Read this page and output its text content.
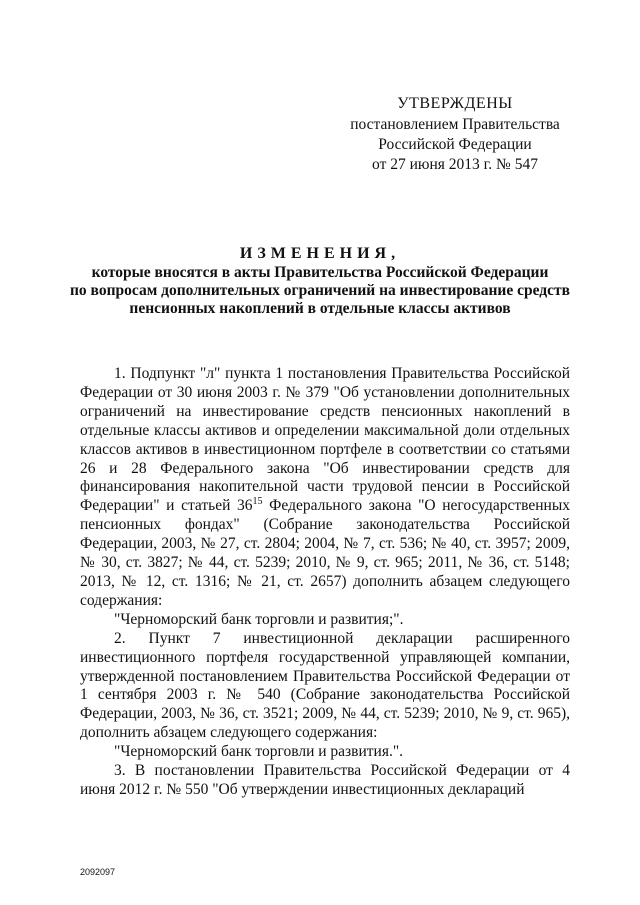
УТВЕРЖДЕНЫ
постановлением Правительства
Российской Федерации
от 27 июня 2013 г. № 547
ИЗМЕНЕНИЯ,
которые вносятся в акты Правительства Российской Федерации
по вопросам дополнительных ограничений на инвестирование средств
пенсионных накоплений в отдельные классы активов

1. Подпункт "л" пункта 1 постановления Правительства Российской Федерации от 30 июня 2003 г. № 379 "Об установлении дополнительных ограничений на инвестирование средств пенсионных накоплений в отдельные классы активов и определении максимальной доли отдельных классов активов в инвестиционном портфеле в соответствии со статьями 26 и 28 Федерального закона "Об инвестировании средств для финансирования накопительной части трудовой пенсии в Российской Федерации" и статьей $36^{15}$ Федерального закона "О негосударственных пенсионных фондах" (Собрание законодательства Российской Федерации, 2003, № 27, ст. 2804; 2004, № 7, ст. 536; № 40, ст. 3957; 2009, № 30, ст. 3827; № 44, ст. 5239; 2010, № 9, ст. 965; 2011, № 36, ст. 5148; 2013, № 12, ст. 1316; № 21, ст. 2657) дополнить абзацем следующего содержания:

"Черноморский банк торговли и развития;".

2. Пункт 7 инвестиционной декларации расширенного инвестиционного портфеля государственной управляющей компании, утвержденной постановлением Правительства Российской Федерации от 1 сентября 2003 г. № 540 (Собрание законодательства Российской Федерации, 2003, № 36, ст. 3521; 2009, № 44, ст. 5239; 2010, № 9, ст. 965), дополнить абзацем следующего содержания:

"Черноморский банк торговли и развития.".

3. В постановлении Правительства Российской Федерации от 4 июня 2012 г. № 550 "Об утверждении инвестиционных деклараций

2092097
